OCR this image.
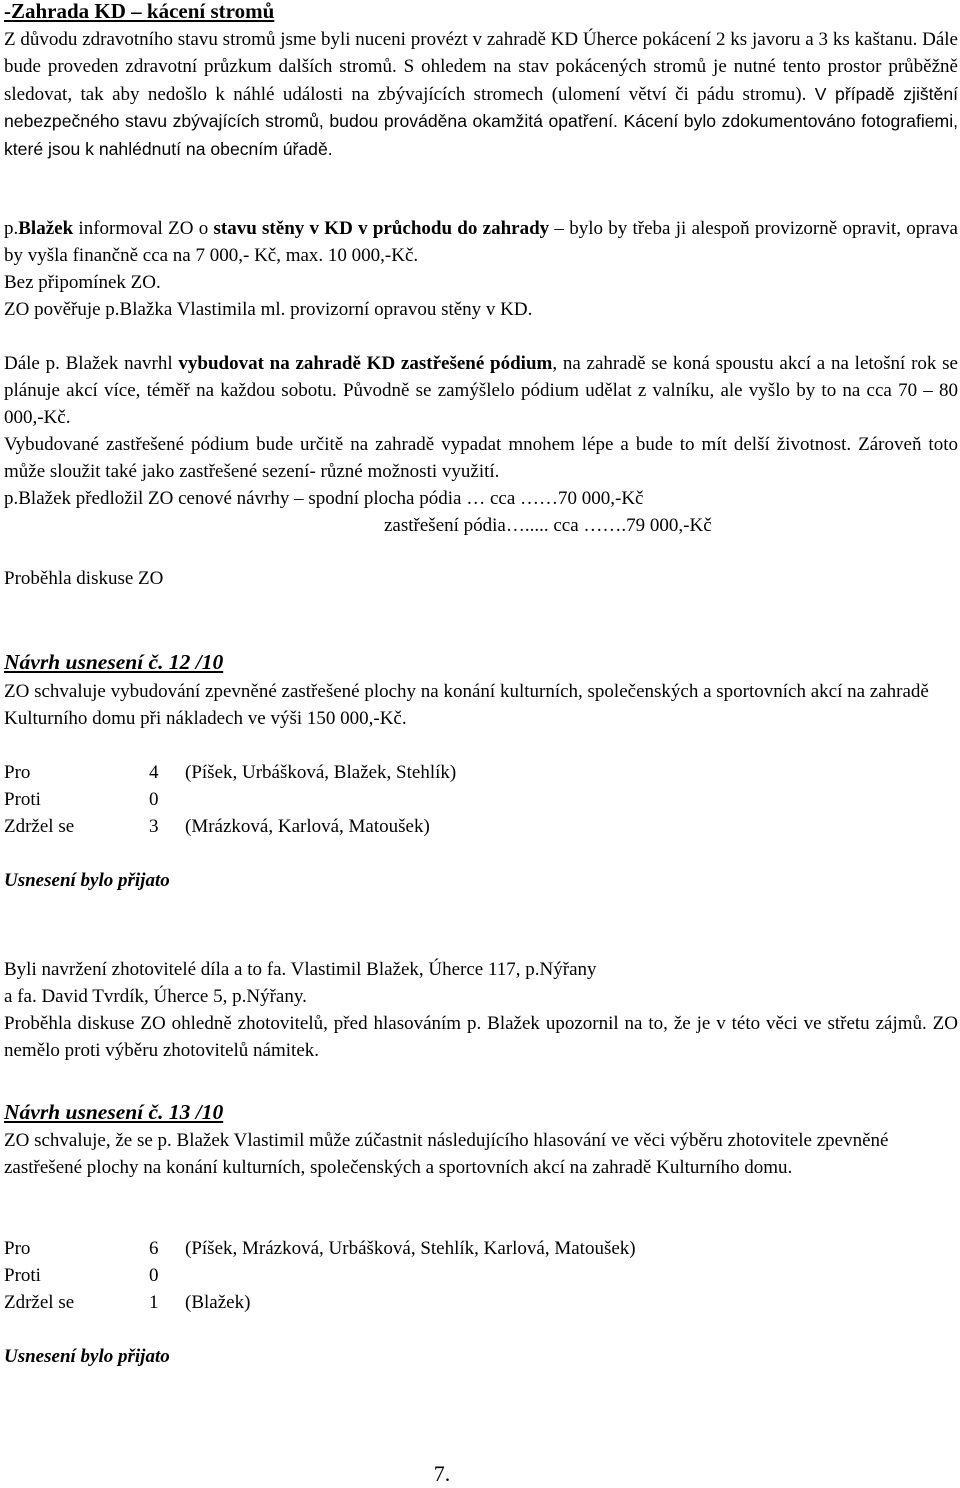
-Zahrada KD – kácení stromů
Z důvodu zdravotního stavu stromů jsme byli nuceni provézt v zahradě KD Úherce pokácení 2 ks javoru a 3 ks kaštanu. Dále bude proveden zdravotní průzkum dalších stromů. S ohledem na stav pokácených stromů je nutné tento prostor průběžně sledovat, tak aby nedošlo k náhlé události na zbývajících stromech (ulomení větví či pádu stromu). V případě zjištění nebezpečného stavu zbývajících stromů, budou prováděna okamžitá opatření. Kácení bylo zdokumentováno fotografiemi, které jsou k nahlédnutí na obecním úřadě.
p.Blažek informoval ZO o stavu stěny v KD v průchodu do zahrady – bylo by třeba ji alespoň provizorně opravit, oprava by vyšla finančně cca na 7 000,- Kč, max. 10 000,-Kč.
Bez připomínek ZO.
ZO pověřuje p.Blažka Vlastimila ml. provizorní opravou stěny v KD.
Dále p. Blažek navrhl vybudovat na zahradě KD zastřešené pódium, na zahradě se koná spoustu akcí a na letošní rok se plánuje akcí více, téměř na každou sobotu. Původně se zamýšlelo pódium udělat z valníku, ale vyšlo by to na cca 70 – 80 000,-Kč.
Vybudované zastřešené pódium bude určitě na zahradě vypadat mnohem lépe a bude to mít delší životnost. Zároveň toto může sloužit také jako zastřešené sezení- různé možnosti využití.
p.Blažek předložil ZO cenové návrhy – spodní plocha pódia … cca ……70 000,-Kč
zastřešení pódia…..... cca …….79 000,-Kč
Proběhla diskuse ZO
Návrh usnesení č. 12 /10
ZO schvaluje vybudování zpevněné zastřešené plochy na konání kulturních, společenských a sportovních akcí na zahradě Kulturního domu při nákladech ve výši 150 000,-Kč.
Pro	4	(Píšek, Urbášková, Blažek, Stehlík)
Proti	0
Zdržel se	3	(Mrázková, Karlová, Matoušek)
Usnesení bylo přijato
Byli navržení zhotovitelé díla a to fa. Vlastimil Blažek, Úherce 117, p.Nýřany
a fa. David Tvrdík, Úherce 5, p.Nýřany.
Proběhla diskuse ZO ohledně zhotovitelů, před hlasováním p. Blažek upozornil na to, že je v této věci ve střetu zájmů. ZO nemělo proti výběru zhotovitelů námitek.
Návrh usnesení č. 13 /10
ZO schvaluje, že se p. Blažek Vlastimil může zúčastnit následujícího hlasování ve věci výběru zhotovitele zpevněné zastřešené plochy na konání kulturních, společenských a sportovních akcí na zahradě Kulturního domu.
Pro	6	(Píšek, Mrázková, Urbášková, Stehlík, Karlová, Matoušek)
Proti	0
Zdržel se	1	(Blažek)
Usnesení bylo přijato
7.
